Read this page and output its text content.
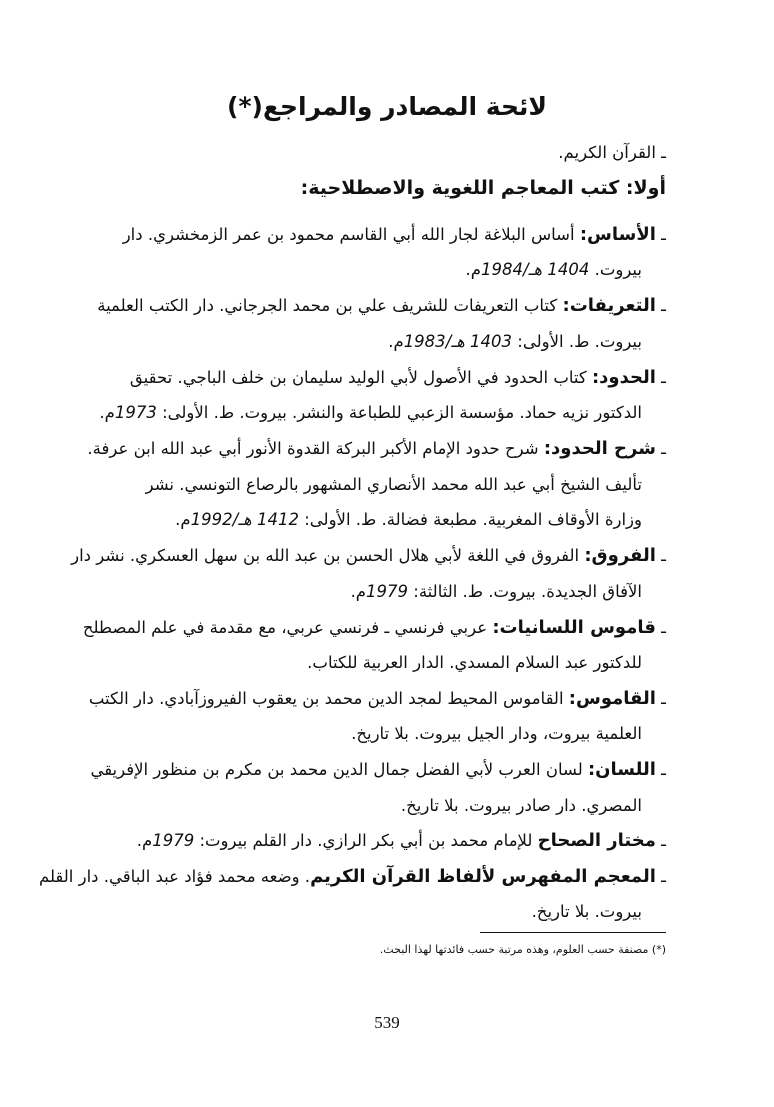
لائحة المصادر والمراجع(*)
ـ القرآن الكريم.
أولا: كتب المعاجم اللغوية والاصطلاحية:
ـ الأساس: أساس البلاغة لجار الله أبي القاسم محمود بن عمر الزمخشري. دار
بيروت. 1404 هـ/1984م.
ـ التعريفات: كتاب التعريفات للشريف علي بن محمد الجرجاني. دار الكتب العلمية
بيروت. ط. الأولى: 1403 هـ/1983م.
ـ الحدود: كتاب الحدود في الأصول لأبي الوليد سليمان بن خلف الباجي. تحقيق
الدكتور نزيه حماد. مؤسسة الزعبي للطباعة والنشر. بيروت. ط. الأولى: 1973م.
ـ شرح الحدود: شرح حدود الإمام الأكبر البركة القدوة الأنور أبي عبد الله ابن عرفة.
تأليف الشيخ أبي عبد الله محمد الأنصاري المشهور بالرصاع التونسي. نشر
وزارة الأوقاف المغربية. مطبعة فضالة. ط. الأولى: 1412 هـ/1992م.
ـ الفروق: الفروق في اللغة لأبي هلال الحسن بن عبد الله بن سهل العسكري. نشر دار
الآفاق الجديدة. بيروت. ط. الثالثة: 1979م.
ـ قاموس اللسانيات: عربي فرنسي ـ فرنسي عربي، مع مقدمة في علم المصطلح
للدكتور عبد السلام المسدي. الدار العربية للكتاب.
ـ القاموس: القاموس المحيط لمجد الدين محمد بن يعقوب الفيروزآبادي. دار الكتب
العلمية بيروت، ودار الجيل بيروت. بلا تاريخ.
ـ اللسان: لسان العرب لأبي الفضل جمال الدين محمد بن مكرم بن منظور الإفريقي
المصري. دار صادر بيروت. بلا تاريخ.
ـ مختار الصحاح للإمام محمد بن أبي بكر الرازي. دار القلم بيروت: 1979م.
ـ المعجم المفهرس لألفاظ القرآن الكريم. وضعه محمد فؤاد عبد الباقي. دار القلم
بيروت. بلا تاريخ.
(*) مصنفة حسب العلوم، وهذه مرتبة حسب فائدتها لهذا البحث.
539
